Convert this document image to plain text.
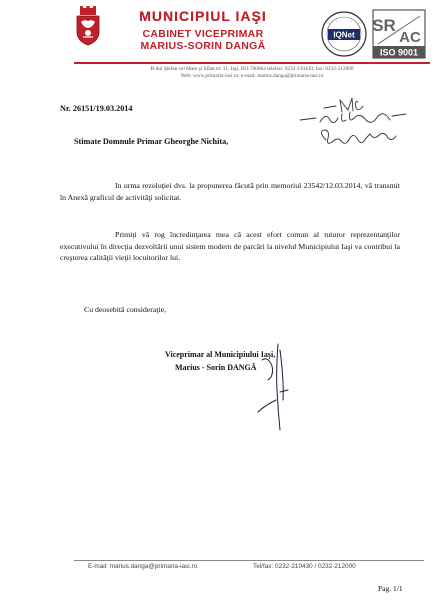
MUNICIPIUL IAŞI
CABINET VICEPRIMAR
MARIUS-SORIN DANGĂ
IQNet SR
AC
ISO 9001
B-dul Ştefan cel Mare şi Sfânt nr. 11, Iaşi, RO-700064 telefon: 0232-210430; fax: 0232-212000
Web: www.primaria-iasi.ro; e-mail: marius.danga@primaria-iasi.ro
Nr. 26151/19.03.2014
Stimate Domnule Primar Gheorghe Nichita,
In urma rezoluţiei dvs. la propunerea făcută prin memoriul 23542/12.03.2014, vă transmit în Anexă graficul de activităţi solicitat.
Primiţi vă rog încredinţarea mea că acest efort comun al tuturor reprezentanţilor executivului în direcţia dezvoltării unui sistem modern de parcări la nivelul Municipiului Iaşi va contribui la creşterea calităţii vieţii locuitorilor lui.
Cu deosebită consideraţie,
Viceprimar al Municipiului Iaşi,
Marius - Sorin DANGĂ
E-mail: marius.danga@primaria-iasi.ro	Tel/fax: 0232-210430 / 0232-212000
Pag. 1/1
